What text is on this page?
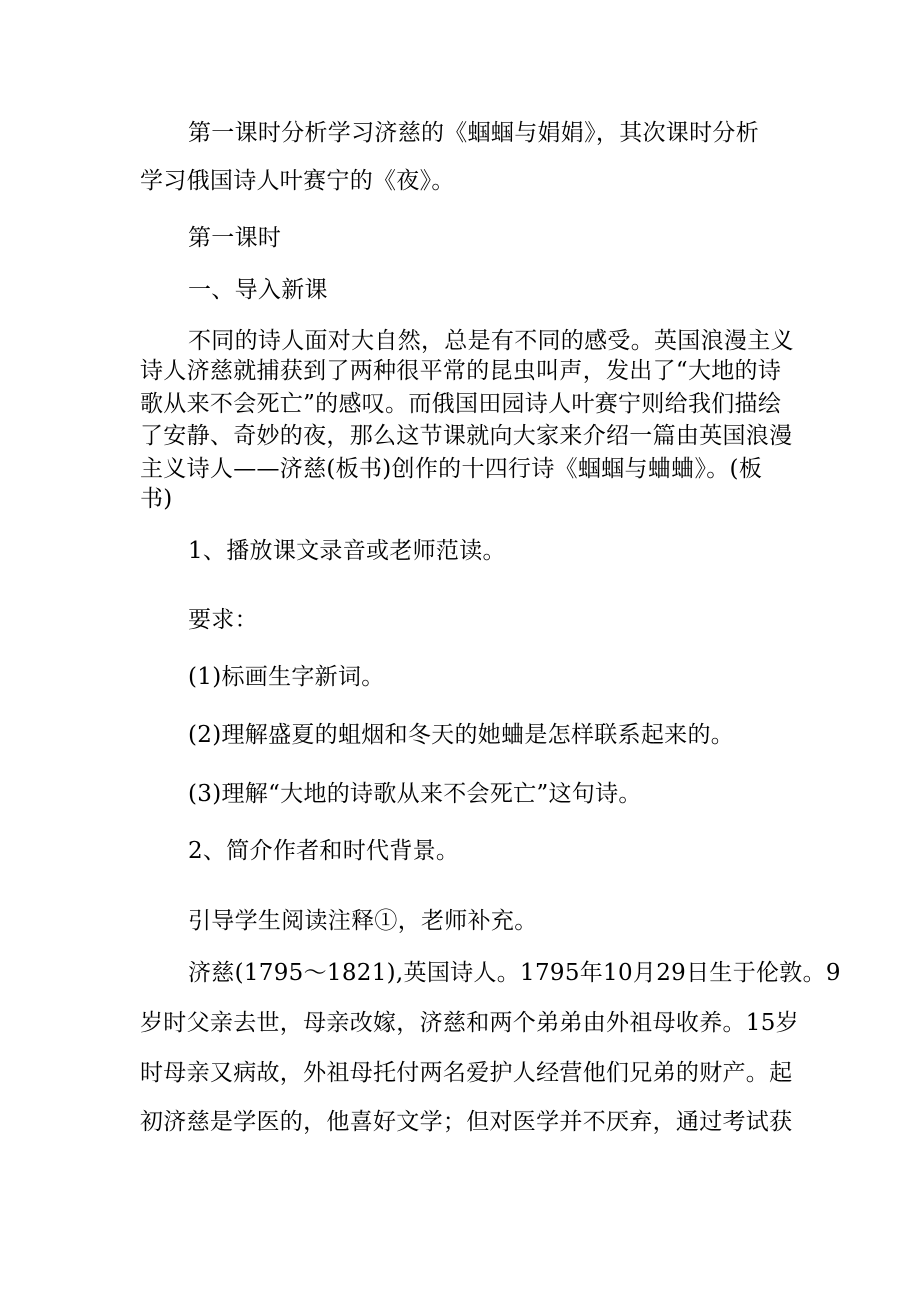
第一课时分析学习济慈的《蝈蝈与娟娟》，其次课时分析
学习俄国诗人叶赛宁的《夜》。
第一课时
一、导入新课
不同的诗人面对大自然，总是有不同的感受。英国浪漫主义
诗人济慈就捕获到了两种很平常的昆虫叫声，发出了“大地的诗
歌从来不会死亡”的感叹。而俄国田园诗人叶赛宁则给我们描绘
了安静、奇妙的夜，那么这节课就向大家来介绍一篇由英国浪漫
主义诗人——济慈(板书)创作的十四行诗《蝈蝈与蛐蛐》。(板
书)
1、播放课文录音或老师范读。
要求：
(1)标画生字新词。
(2)理解盛夏的蛆烟和冬天的她蛐是怎样联系起来的。
(3)理解“大地的诗歌从来不会死亡”这句诗。
2、简介作者和时代背景。
引导学生阅读注释①，老师补充。
济慈(1795～1821),英国诗人。1795年10月29日生于伦敦。9
岁时父亲去世，母亲改嫁，济慈和两个弟弟由外祖母收养。15岁
时母亲又病故，外祖母托付两名爱护人经营他们兄弟的财产。起
初济慈是学医的，他喜好文学；但对医学并不厌弃，通过考试获
